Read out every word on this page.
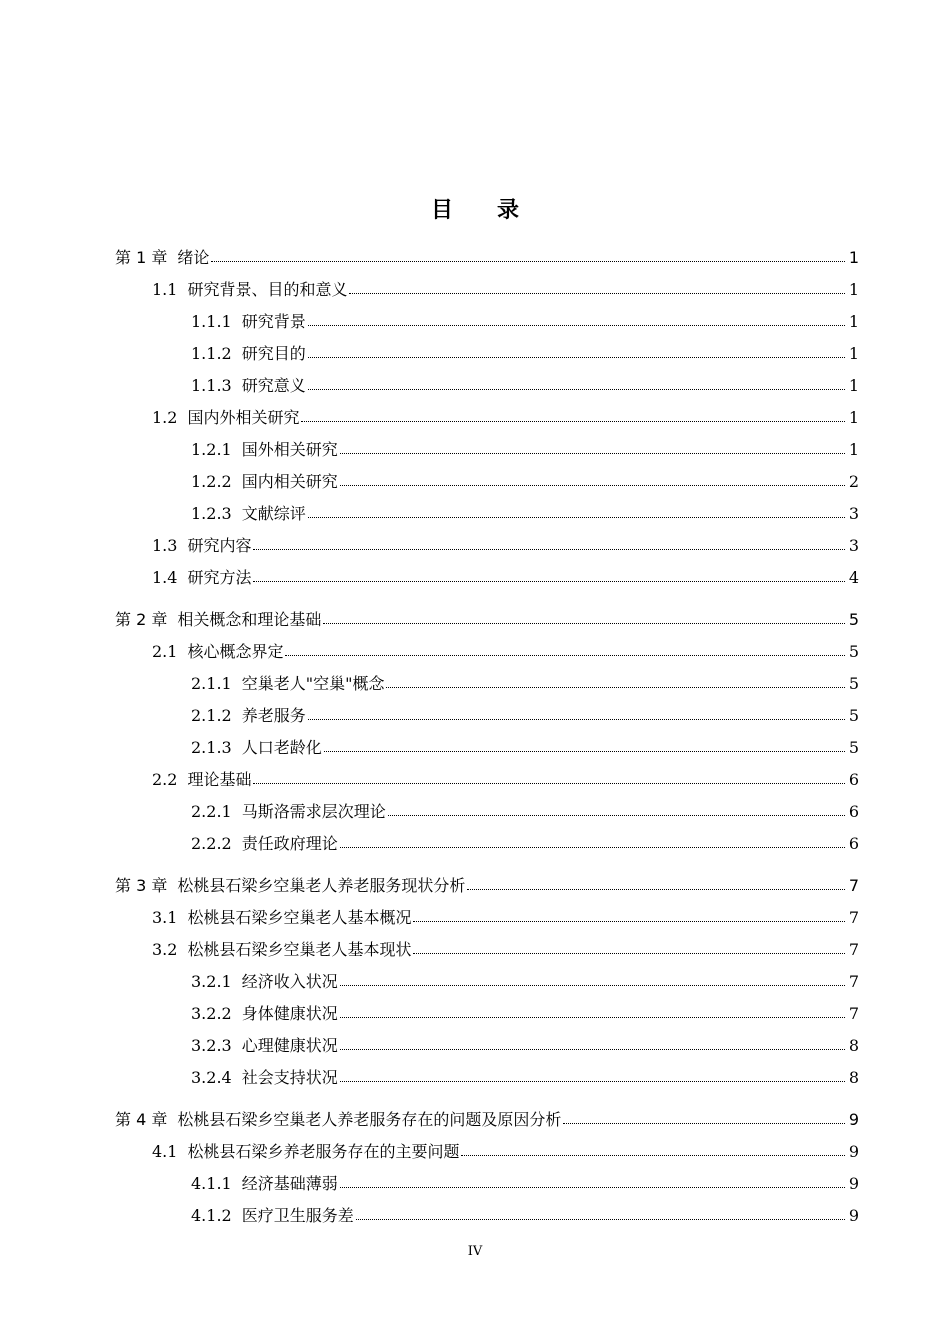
目 录
第 1 章 绪论	1
1.1 研究背景、目的和意义	1
1.1.1 研究背景	1
1.1.2 研究目的	1
1.1.3 研究意义	1
1.2 国内外相关研究	1
1.2.1 国外相关研究	1
1.2.2 国内相关研究	2
1.2.3 文献综评	3
1.3 研究内容	3
1.4 研究方法	4
第 2 章 相关概念和理论基础	5
2.1 核心概念界定	5
2.1.1 空巢老人"空巢"概念	5
2.1.2 养老服务	5
2.1.3 人口老龄化	5
2.2 理论基础	6
2.2.1 马斯洛需求层次理论	6
2.2.2 责任政府理论	6
第 3 章 松桃县石梁乡空巢老人养老服务现状分析	7
3.1 松桃县石梁乡空巢老人基本概况	7
3.2 松桃县石梁乡空巢老人基本现状	7
3.2.1 经济收入状况	7
3.2.2 身体健康状况	7
3.2.3 心理健康状况	8
3.2.4 社会支持状况	8
第 4 章 松桃县石梁乡空巢老人养老服务存在的问题及原因分析	9
4.1 松桃县石梁乡养老服务存在的主要问题	9
4.1.1 经济基础薄弱	9
4.1.2 医疗卫生服务差	9
IV
